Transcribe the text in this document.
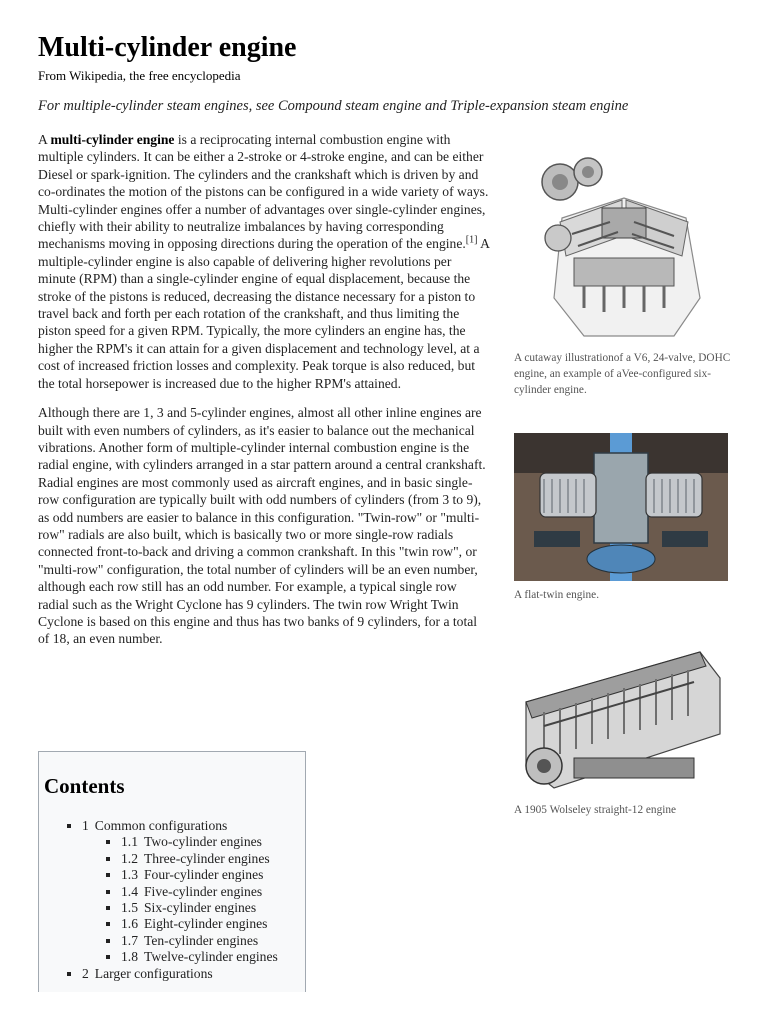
Multi-cylinder engine
From Wikipedia, the free encyclopedia
For multiple-cylinder steam engines, see Compound steam engine and Triple-expansion steam engine

A multi-cylinder engine is a reciprocating internal combustion engine with multiple cylinders. It can be either a 2-stroke or 4-stroke engine, and can be either Diesel or spark-ignition. The cylinders and the crankshaft which is driven by and co-ordinates the motion of the pistons can be configured in a wide variety of ways. Multi-cylinder engines offer a number of advantages over single-cylinder engines, chiefly with their ability to neutralize imbalances by having corresponding mechanisms moving in opposing directions during the operation of the engine.[1] A multiple-cylinder engine is also capable of delivering higher revolutions per minute (RPM) than a single-cylinder engine of equal displacement, because the stroke of the pistons is reduced, decreasing the distance necessary for a piston to travel back and forth per each rotation of the crankshaft, and thus limiting the piston speed for a given RPM. Typically, the more cylinders an engine has, the higher the RPM's it can attain for a given displacement and technology level, at a cost of increased friction losses and complexity. Peak torque is also reduced, but the total horsepower is increased due to the higher RPM's attained.

Although there are 1, 3 and 5-cylinder engines, almost all other inline engines are built with even numbers of cylinders, as it's easier to balance out the mechanical vibrations. Another form of multiple-cylinder internal combustion engine is the radial engine, with cylinders arranged in a star pattern around a central crankshaft. Radial engines are most commonly used as aircraft engines, and in basic single-row configuration are typically built with odd numbers of cylinders (from 3 to 9), as odd numbers are easier to balance in this configuration. "Twin-row" or "multi-row" radials are also built, which is basically two or more single-row radials connected front-to-back and driving a common crankshaft. In this "twin row", or "multi-row" configuration, the total number of cylinders will be an even number, although each row still has an odd number. For example, a typical single row radial such as the Wright Cyclone has 9 cylinders. The twin row Wright Twin Cyclone is based on this engine and thus has two banks of 9 cylinders, for a total of 18, an even number.

Contents
▪ 1 Common configurations
▪ 1.1 Two-cylinder engines
▪ 1.2 Three-cylinder engines
▪ 1.3 Four-cylinder engines
▪ 1.4 Five-cylinder engines
▪ 1.5 Six-cylinder engines
▪ 1.6 Eight-cylinder engines
▪ 1.7 Ten-cylinder engines
▪ 1.8 Twelve-cylinder engines
▪ 2 Larger configurations
A cutaway illustrationof a V6, 24-valve, DOHC engine, an example of aVee-configured six-cylinder engine.
A flat-twin engine.
A 1905 Wolseley straight-12 engine
